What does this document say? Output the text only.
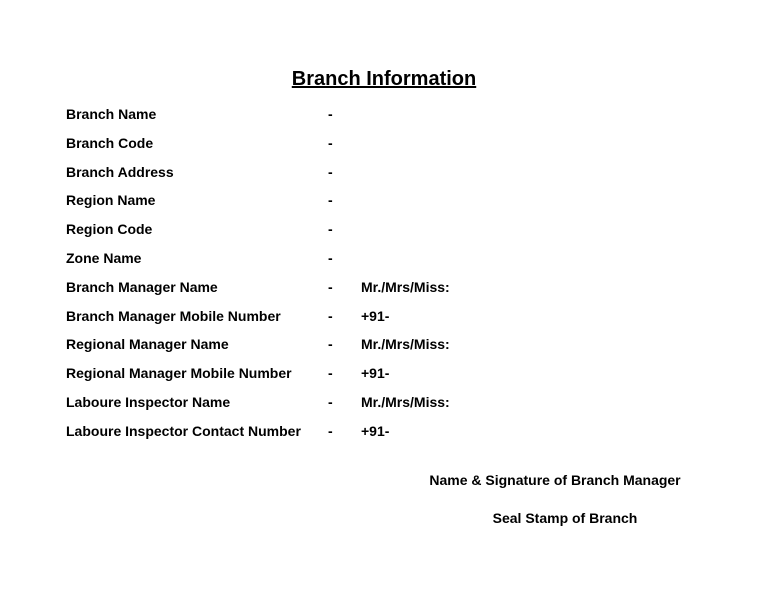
Branch Information
Branch Name	-
Branch Code	-
Branch Address	-
Region Name	-
Region Code	-
Zone Name	-
Branch Manager Name	- Mr./Mrs/Miss:
Branch Manager Mobile Number	- +91-
Regional Manager Name	- Mr./Mrs/Miss:
Regional Manager Mobile Number	- +91-
Laboure Inspector Name	- Mr./Mrs/Miss:
Laboure Inspector Contact Number - +91-
Name & Signature of Branch Manager
Seal Stamp of Branch
